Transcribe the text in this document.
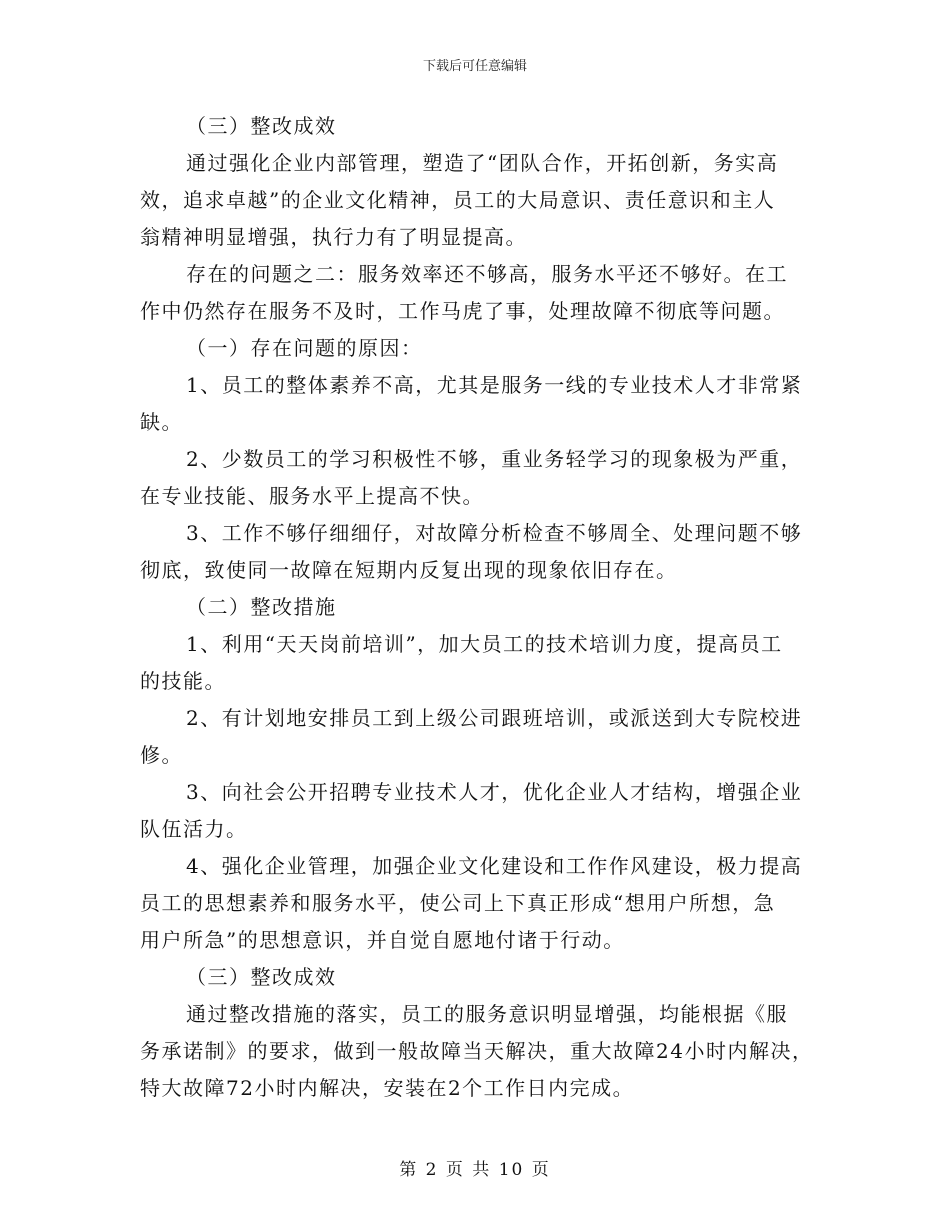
下载后可任意编辑
（三）整改成效
通过强化企业内部管理，塑造了“团队合作，开拓创新，务实高
效，追求卓越”的企业文化精神，员工的大局意识、责任意识和主人
翁精神明显增强，执行力有了明显提高。
存在的问题之二：服务效率还不够高，服务水平还不够好。在工
作中仍然存在服务不及时，工作马虎了事，处理故障不彻底等问题。
（一）存在问题的原因：
1、员工的整体素养不高，尤其是服务一线的专业技术人才非常紧
缺。
2、少数员工的学习积极性不够，重业务轻学习的现象极为严重，
在专业技能、服务水平上提高不快。
3、工作不够仔细细仔，对故障分析检查不够周全、处理问题不够
彻底，致使同一故障在短期内反复出现的现象依旧存在。
（二）整改措施
1、利用“天天岗前培训”，加大员工的技术培训力度，提高员工
的技能。
2、有计划地安排员工到上级公司跟班培训，或派送到大专院校进
修。
3、向社会公开招聘专业技术人才，优化企业人才结构，增强企业
队伍活力。
4、强化企业管理，加强企业文化建设和工作作风建设，极力提高
员工的思想素养和服务水平，使公司上下真正形成“想用户所想，急
用户所急”的思想意识，并自觉自愿地付诸于行动。
（三）整改成效
通过整改措施的落实，员工的服务意识明显增强，均能根据《服
务承诺制》的要求，做到一般故障当天解决，重大故障24小时内解决，
特大故障72小时内解决，安装在2个工作日内完成。
第 2 页 共 10 页
